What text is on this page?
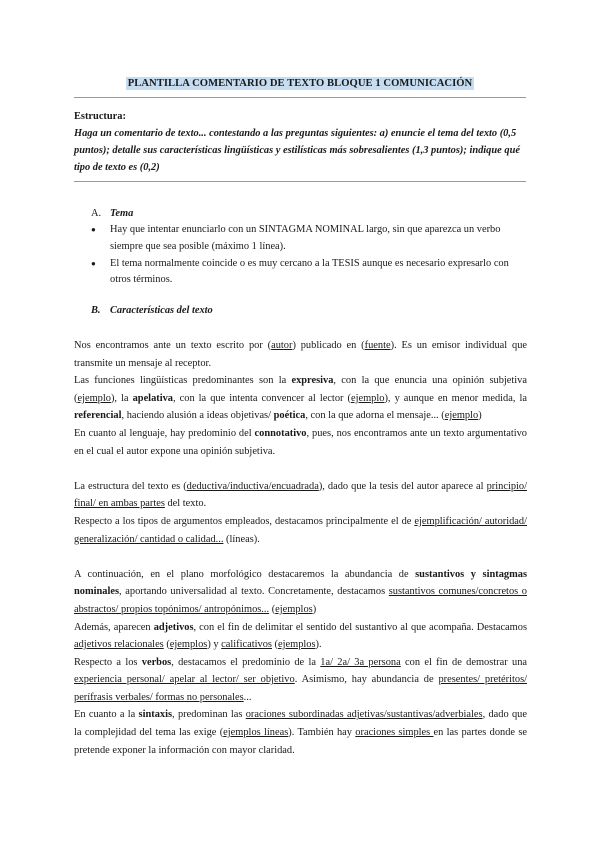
PLANTILLA COMENTARIO DE TEXTO BLOQUE 1 COMUNICACIÓN
Estructura:
Haga un comentario de texto... contestando a las preguntas siguientes: a) enuncie el tema del texto (0,5 puntos); detalle sus características lingüísticas y estilísticas más sobresalientes (1,3 puntos); indique qué tipo de texto es (0,2)
A. Tema
● Hay que intentar enunciarlo con un SINTAGMA NOMINAL largo, sin que aparezca un verbo siempre que sea posible (máximo 1 línea).
● El tema normalmente coincide o es muy cercano a la TESIS aunque es necesario expresarlo con otros términos.
B. Características del texto

Nos encontramos ante un texto escrito por (autor) publicado en (fuente). Es un emisor individual que transmite un mensaje al receptor.

Las funciones lingüísticas predominantes son la expresiva, con la que enuncia una opinión subjetiva (ejemplo), la apelativa, con la que intenta convencer al lector (ejemplo), y aunque en menor medida, la referencial, haciendo alusión a ideas objetivas/ poética, con la que adorna el mensaje... (ejemplo)

En cuanto al lenguaje, hay predominio del connotativo, pues, nos encontramos ante un texto argumentativo en el cual el autor expone una opinión subjetiva.

La estructura del texto es (deductiva/inductiva/encuadrada), dado que la tesis del autor aparece al principio/ final/ en ambas partes del texto.

Respecto a los tipos de argumentos empleados, destacamos principalmente el de ejemplificación/ autoridad/ generalización/ cantidad o calidad... (líneas).

A continuación, en el plano morfológico destacaremos la abundancia de sustantivos y sintagmas nominales, aportando universalidad al texto. Concretamente, destacamos sustantivos comunes/concretos o abstractos/ propios topónimos/ antropónimos... (ejemplos)

Además, aparecen adjetivos, con el fin de delimitar el sentido del sustantivo al que acompaña. Destacamos adjetivos relacionales (ejemplos) y calificativos (ejemplos).

Respecto a los verbos, destacamos el predominio de la 1a/ 2a/ 3a persona con el fin de demostrar una experiencia personal/ apelar al lector/ ser objetivo. Asimismo, hay abundancia de presentes/ pretéritos/ perífrasis verbales/ formas no personales...

En cuanto a la sintaxis, predominan las oraciones subordinadas adjetivas/sustantivas/adverbiales, dado que la complejidad del tema las exige (ejemplos líneas). También hay oraciones simples en las partes donde se pretende exponer la información con mayor claridad.
